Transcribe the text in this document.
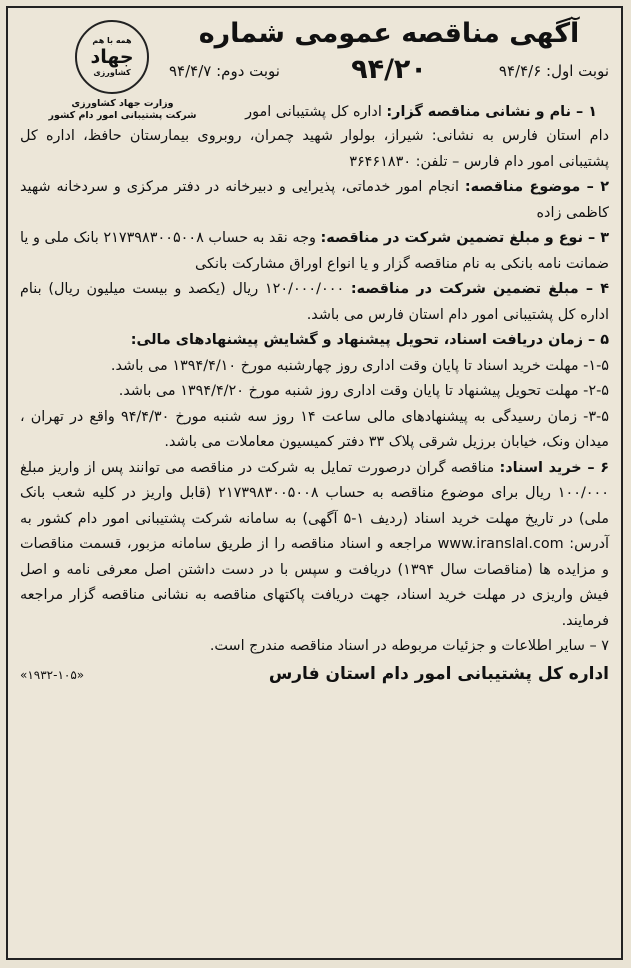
آگهی مناقصه عمومی شماره ۹۴/۲۰	نوبت اول: ۹۴/۴/۶
نوبت دوم: ۹۴/۴/۷
همه با هم
جهاد
کشاورزی
وزارت جهاد کشاورزی
شرکت پشتیبانی امور دام کشور	۱ – نام و نشانی مناقصه گزار: اداره کل پشتیبانی امور

دام استان فارس به نشانی: شیراز، بولوار شهید چمران، روبروی بیمارستان حافظ، اداره کل پشتیبانی امور دام فارس – تلفن: ۳۶۴۶۱۸۳۰

۲ – موضوع مناقصه: انجام امور خدماتی، پذیرایی و دبیرخانه در دفتر مرکزی و سردخانه شهید کاظمی زاده

۳ – نوع و مبلغ تضمین شرکت در مناقصه: وجه نقد به حساب ۲۱۷۳۹۸۳۰۰۵۰۰۸ بانک ملی و یا ضمانت نامه بانکی به نام مناقصه گزار و یا انواع اوراق مشارکت بانکی

۴ – مبلغ تضمین شرکت در مناقصه: ۱۲۰/۰۰۰/۰۰۰ ریال (یکصد و بیست میلیون ریال) بنام اداره کل پشتیبانی امور دام استان فارس می باشد.

۵ – زمان دریافت اسناد، تحویل پیشنهاد و گشایش پیشنهادهای مالی:

۱-۵- مهلت خرید اسناد تا پایان وقت اداری روز چهارشنبه مورخ ۱۳۹۴/۴/۱۰ می باشد.

۲-۵- مهلت تحویل پیشنهاد تا پایان وقت اداری روز شنبه مورخ ۱۳۹۴/۴/۲۰ می باشد.

۳-۵- زمان رسیدگی به پیشنهادهای مالی ساعت ۱۴ روز سه شنبه مورخ ۹۴/۴/۳۰ واقع در تهران ، میدان ونک، خیابان برزیل شرقی پلاک ۳۳ دفتر کمیسیون معاملات می باشد.

۶ – خرید اسناد: مناقصه گران درصورت تمایل به شرکت در مناقصه می توانند پس از واریز مبلغ ۱۰۰/۰۰۰ ریال برای موضوع مناقصه به حساب ۲۱۷۳۹۸۳۰۰۵۰۰۸ (قابل واریز در کلیه شعب بانک ملی) در تاریخ مهلت خرید اسناد (ردیف ۱-۵ آگهی) به سامانه شرکت پشتیبانی امور دام کشور به آدرس: www.iranslal.com مراجعه و اسناد مناقصه را از طریق سامانه مزبور، قسمت مناقصات و مزایده ها (مناقصات سال ۱۳۹۴) دریافت و سپس با در دست داشتن اصل معرفی نامه و اصل فیش واریزی در مهلت خرید اسناد، جهت دریافت پاکتهای مناقصه به نشانی مناقصه گزار مراجعه فرمایند.

۷ – سایر اطلاعات و جزئیات مربوطه در اسناد مناقصه مندرج است.

اداره کل پشتیبانی امور دام استان فارس
«۱۹۳۲-۱۰۵»
